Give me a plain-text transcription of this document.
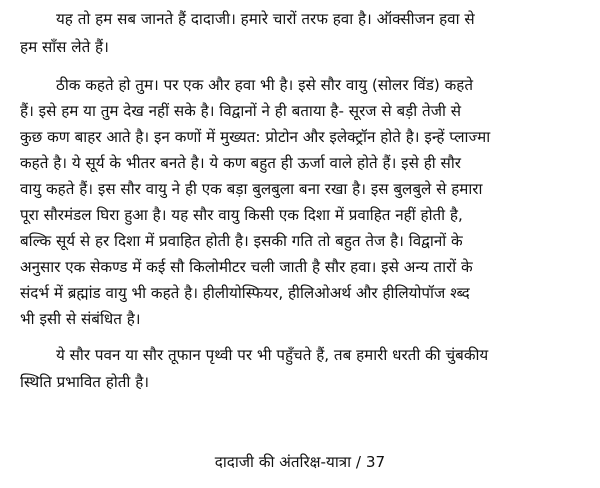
यह तो हम सब जानते हैं दादाजी। हमारे चारों तरफ हवा है। ऑक्सीजन हवा से
हम साँस लेते हैं।
ठीक कहते हो तुम। पर एक और हवा भी है। इसे सौर वायु (सोलर विंड) कहते
हैं। इसे हम या तुम देख नहीं सके है। विद्वानों ने ही बताया है- सूरज से बड़ी तेजी से
कुछ कण बाहर आते है। इन कणों में मुख्यत: प्रोटोन और इलेक्ट्रॉन होते है। इन्हें प्लाज्मा
कहते है। ये सूर्य के भीतर बनते है। ये कण बहुत ही ऊर्जा वाले होते हैं। इसे ही सौर
वायु कहते हैं। इस सौर वायु ने ही एक बड़ा बुलबुला बना रखा है। इस बुलबुले से हमारा
पूरा सौरमंडल घिरा हुआ है। यह सौर वायु किसी एक दिशा में प्रवाहित नहीं होती है,
बल्कि सूर्य से हर दिशा में प्रवाहित होती है। इसकी गति तो बहुत तेज है। विद्वानों के
अनुसार एक सेकण्ड में कई सौ किलोमीटर चली जाती है सौर हवा। इसे अन्य तारों के
संदर्भ में ब्रह्मांड वायु भी कहते है। हीलीयोस्फियर, हीलिओअर्थ और हीलियोपॉज श्ब्द
भी इसी से संबंधित है।
ये सौर पवन या सौर तूफान पृथ्वी पर भी पहुँचते हैं, तब हमारी धरती की चुंबकीय
स्थिति प्रभावित होती है।
दादाजी की अंतरिक्ष-यात्रा / 37
